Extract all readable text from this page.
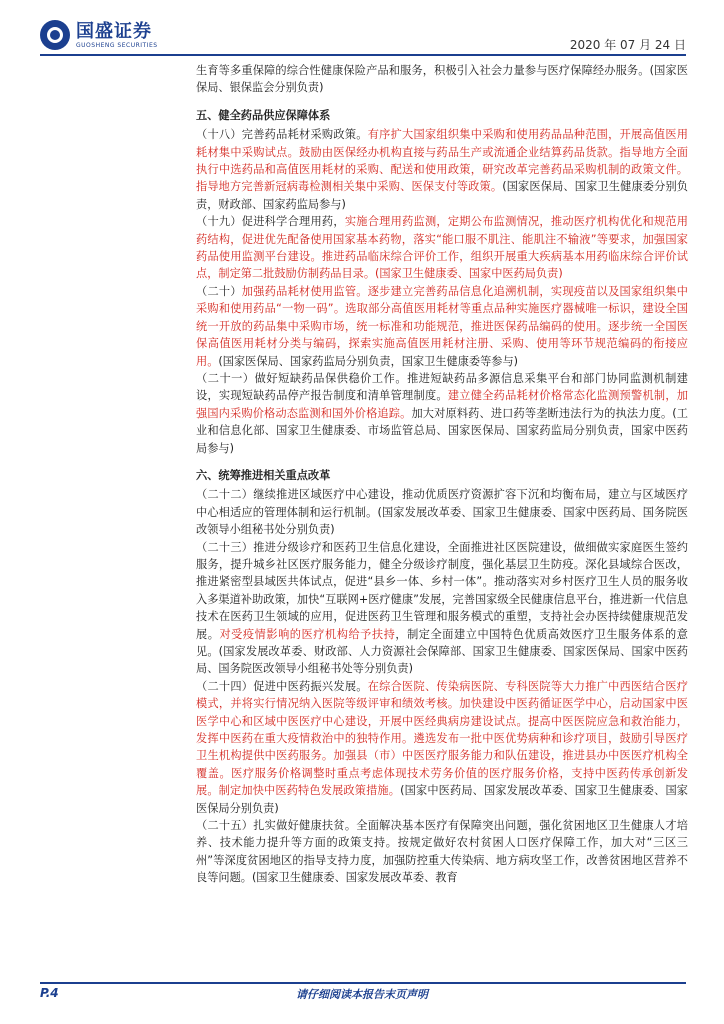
国盛证券
GUOSHENG SECURITIES	2020 年 07 月 24 日
生育等多重保障的综合性健康保险产品和服务，积极引入社会力量参与医疗保障经办服务。(国家医保局、银保监会分别负责)
五、健全药品供应保障体系
（十八）完善药品耗材采购政策。有序扩大国家组织集中采购和使用药品品种范围，开展高值医用耗材集中采购试点。鼓励由医保经办机构直接与药品生产或流通企业结算药品货款。指导地方全面执行中选药品和高值医用耗材的采购、配送和使用政策，研究改革完善药品采购机制的政策文件。指导地方完善新冠病毒检测相关集中采购、医保支付等政策。(国家医保局、国家卫生健康委分别负责，财政部、国家药监局参与)
（十九）促进科学合理用药，实施合理用药监测，定期公布监测情况，推动医疗机构优化和规范用药结构，促进优先配备使用国家基本药物，落实“能口服不肌注、能肌注不输液”等要求，加强国家药品使用监测平台建设。推进药品临床综合评价工作，组织开展重大疾病基本用药临床综合评价试点，制定第二批鼓励仿制药品目录。(国家卫生健康委、国家中医药局负责)
（二十）加强药品耗材使用监管。逐步建立完善药品信息化追溯机制，实现疫苗以及国家组织集中采购和使用药品“一物一码”。选取部分高值医用耗材等重点品种实施医疗器械唯一标识，建设全国统一开放的药品集中采购市场，统一标准和功能规范，推进医保药品编码的使用。逐步统一全国医保高值医用耗材分类与编码，探索实施高值医用耗材注册、采购、使用等环节规范编码的衔接应用。(国家医保局、国家药监局分别负责，国家卫生健康委等参与)
（二十一）做好短缺药品保供稳价工作。推进短缺药品多源信息采集平台和部门协同监测机制建设，实现短缺药品停产报告制度和清单管理制度。建立健全药品耗材价格常态化监测预警机制，加强国内采购价格动态监测和国外价格追踪。加大对原料药、进口药等垄断违法行为的执法力度。(工业和信息化部、国家卫生健康委、市场监管总局、国家医保局、国家药监局分别负责，国家中医药局参与)
六、统筹推进相关重点改革
（二十二）继续推进区域医疗中心建设，推动优质医疗资源扩容下沉和均衡布局，建立与区域医疗中心相适应的管理体制和运行机制。(国家发展改革委、国家卫生健康委、国家中医药局、国务院医改领导小组秘书处分别负责)
（二十三）推进分级诊疗和医药卫生信息化建设，全面推进社区医院建设，做细做实家庭医生签约服务，提升城乡社区医疗服务能力，健全分级诊疗制度，强化基层卫生防疫。深化县域综合医改，推进紧密型县域医共体试点，促进“县乡一体、乡村一体”。推动落实对乡村医疗卫生人员的服务收入多渠道补助政策，加快“互联网+医疗健康”发展，完善国家级全民健康信息平台，推进新一代信息技术在医药卫生领域的应用，促进医药卫生管理和服务模式的重塑，支持社会办医持续健康规范发展。对受疫情影响的医疗机构给予扶持，制定全面建立中国特色优质高效医疗卫生服务体系的意见。(国家发展改革委、财政部、人力资源社会保障部、国家卫生健康委、国家医保局、国家中医药局、国务院医改领导小组秘书处等分别负责)
（二十四）促进中医药振兴发展。在综合医院、传染病医院、专科医院等大力推广中西医结合医疗模式，并将实行情况纳入医院等级评审和绩效考核。加快建设中医药循证医学中心，启动国家中医医学中心和区域中医医疗中心建设，开展中医经典病房建设试点。提高中医医院应急和救治能力，发挥中医药在重大疫情救治中的独特作用。遴选发布一批中医优势病种和诊疗项目，鼓励引导医疗卫生机构提供中医药服务。加强县（市）中医医疗服务能力和队伍建设，推进县办中医医疗机构全覆盖。医疗服务价格调整时重点考虑体现技术劳务价值的医疗服务价格，支持中医药传承创新发展。制定加快中医药特色发展政策措施。(国家中医药局、国家发展改革委、国家卫生健康委、国家医保局分别负责)
（二十五）扎实做好健康扶贫。全面解决基本医疗有保障突出问题，强化贫困地区卫生健康人才培养、技术能力提升等方面的政策支持。按规定做好农村贫困人口医疗保障工作，加大对“三区三州”等深度贫困地区的指导支持力度，加强防控重大传染病、地方病攻坚工作，改善贫困地区营养不良等问题。(国家卫生健康委、国家发展改革委、教育
P.4	请仔细阅读本报告末页声明
